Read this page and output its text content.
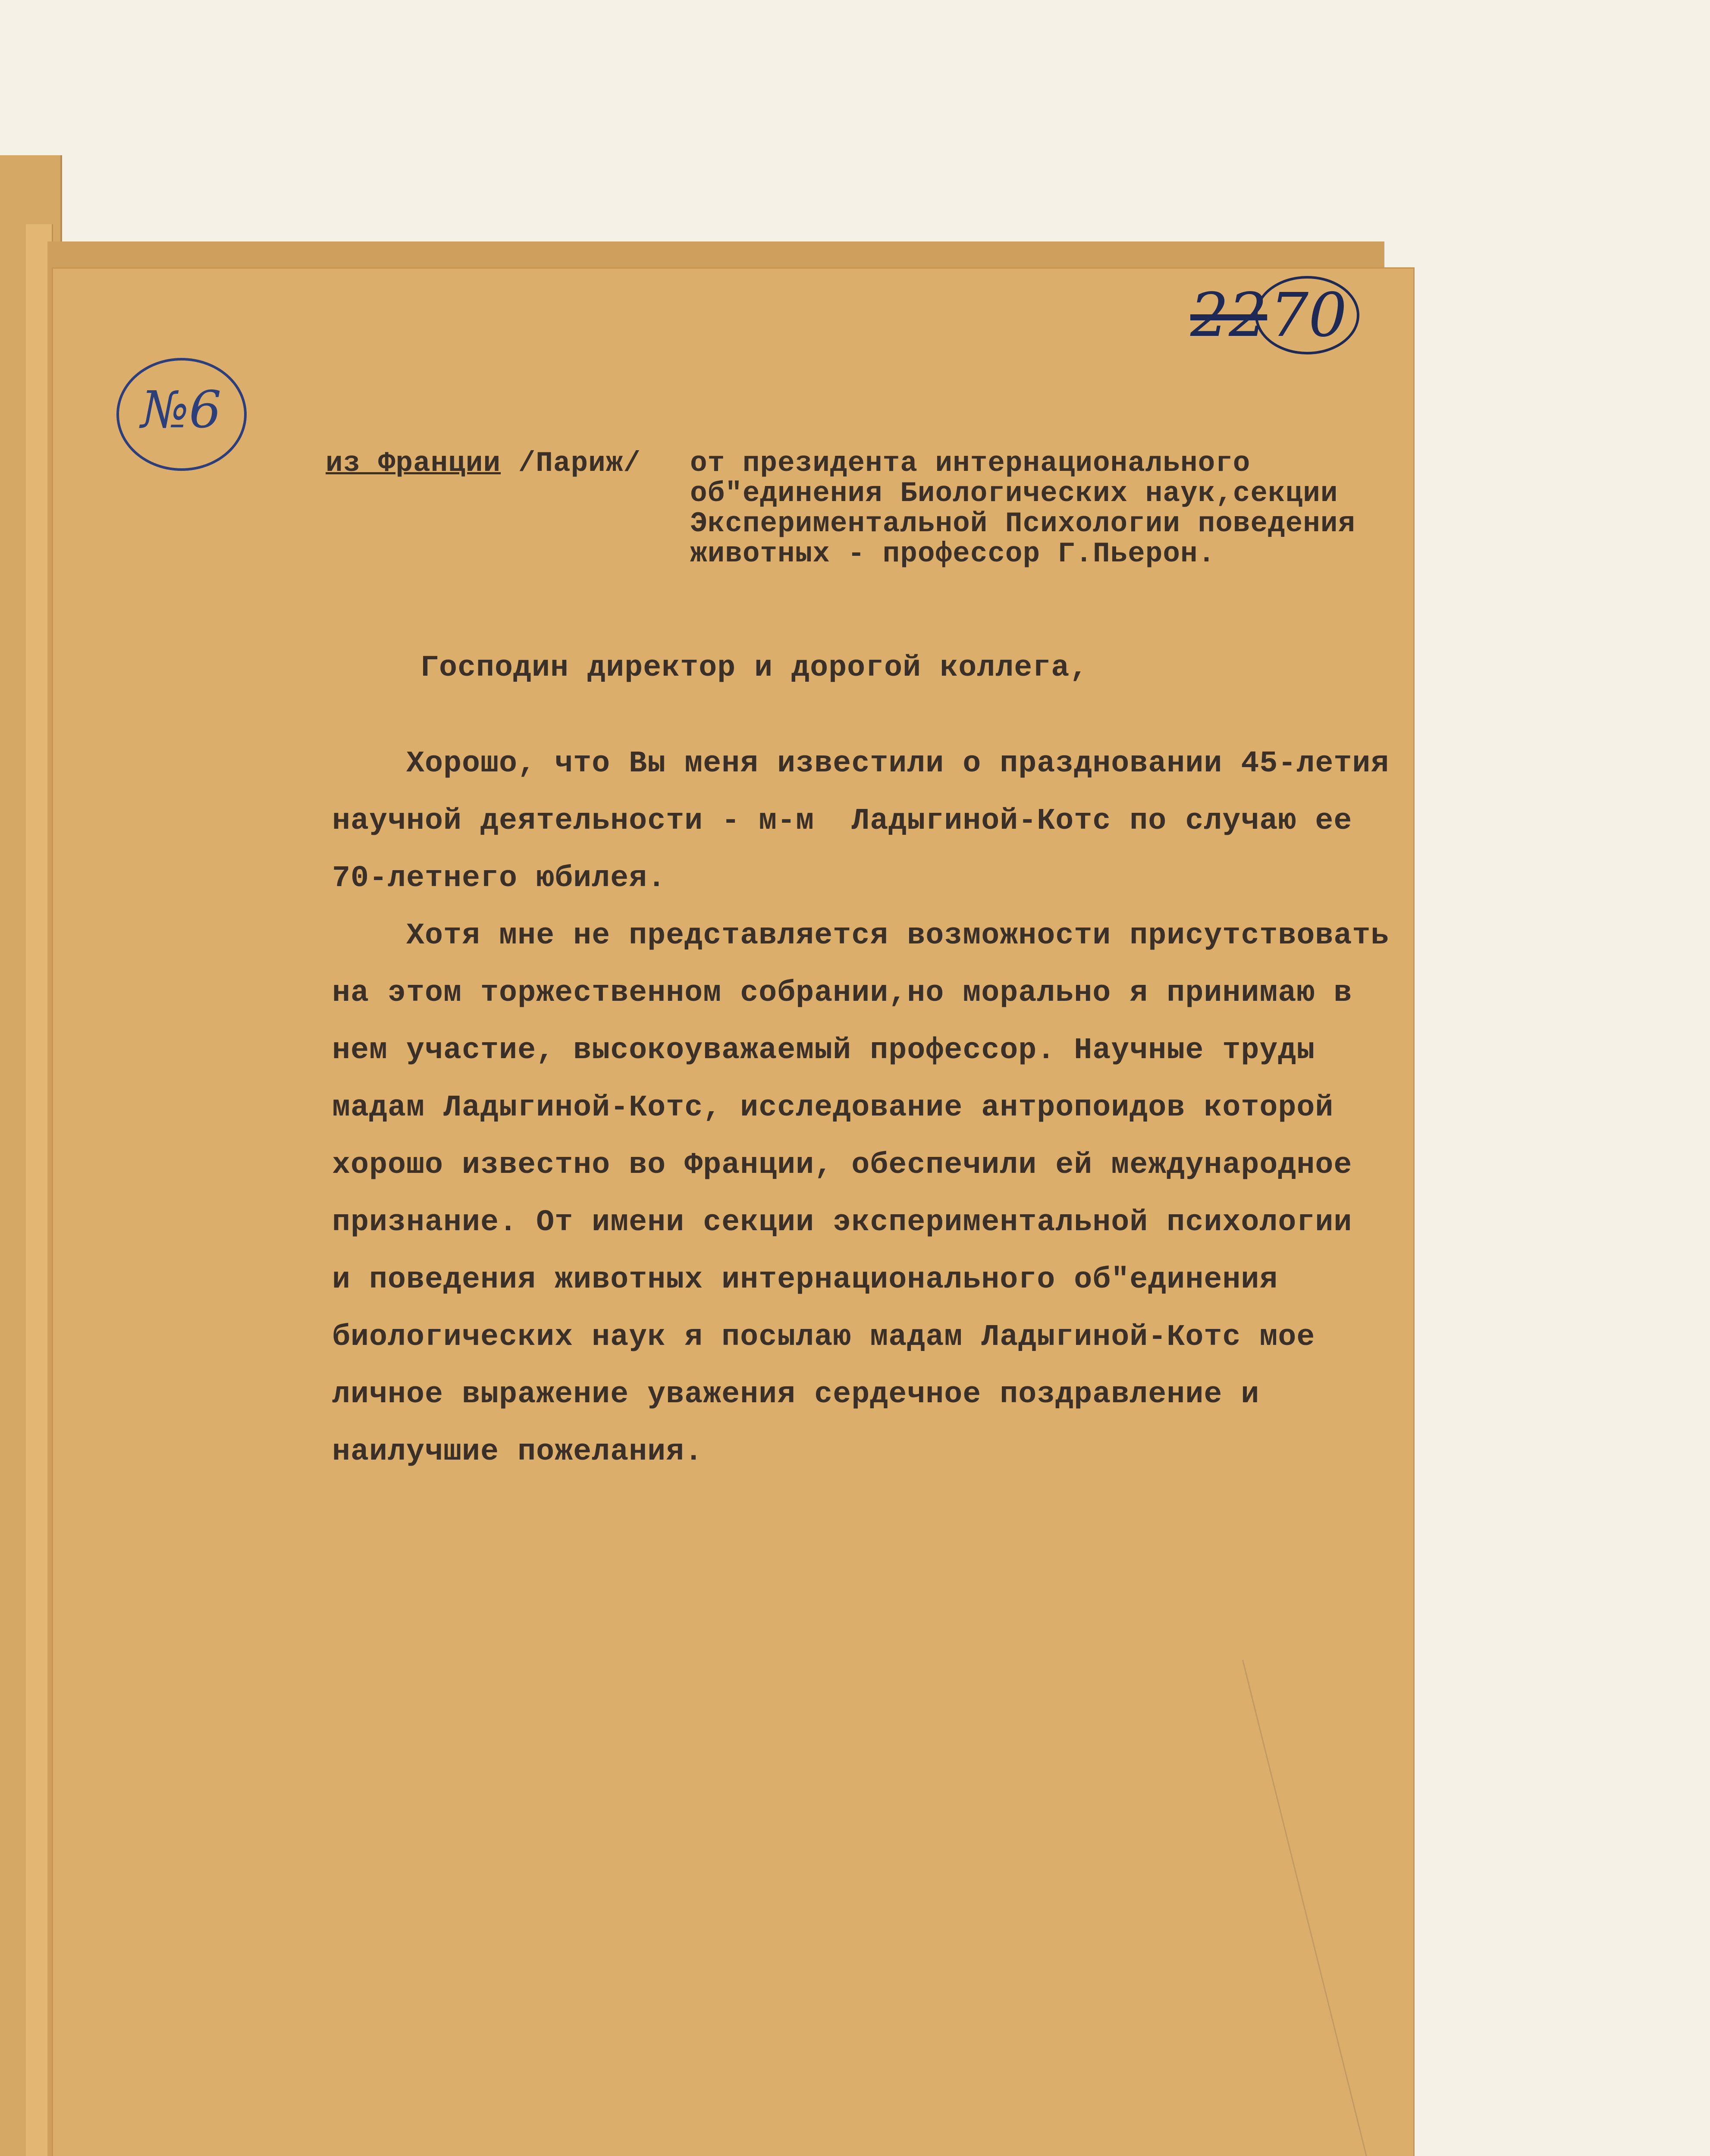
№6
22 70
из Франции /Париж/ от президента интернационального
об"единения Биологических наук,секции
Экспериментальной Психологии поведения
животных - профессор Г.Пьерон.
Господин директор и дорогой коллега,
Хорошо, что Вы меня известили о праздновании 45-летия
научной деятельности - м-м  Ладыгиной-Котс по случаю ее
70-летнего юбилея.
Хотя мне не представляется возможности присутствовать
на этом торжественном собрании,но морально я принимаю в
нем участие, высокоуважаемый профессор. Научные труды
мадам Ладыгиной-Котс, исследование антропоидов которой
хорошо известно во Франции, обеспечили ей международное
признание. От имени секции экспериментальной психологии
и поведения животных интернационального об"единения
биологических наук я посылаю мадам Ладыгиной-Котс мое
личное выражение уважения сердечное поздравление и
наилучшие пожелания.
